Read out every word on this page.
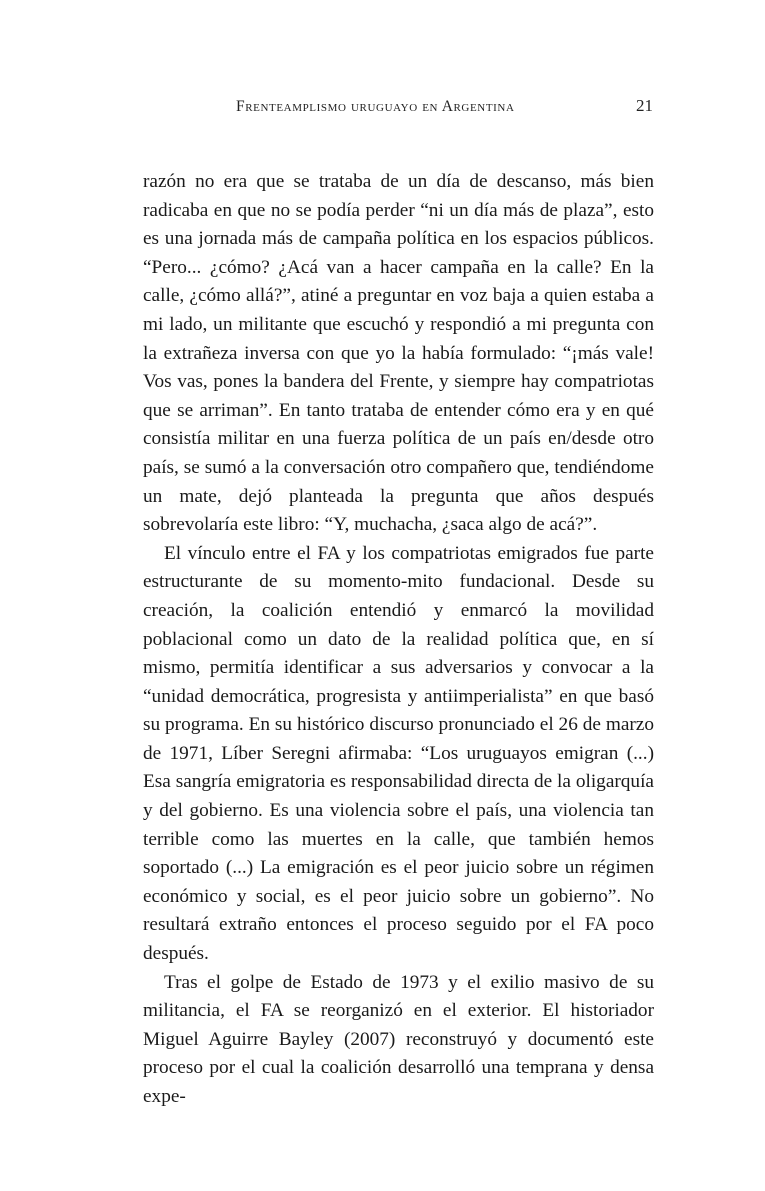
Frenteamplismo uruguayo en Argentina	21

razón no era que se trataba de un día de descanso, más bien radicaba en que no se podía perder “ni un día más de plaza”, esto es una jornada más de campaña política en los espacios públicos. “Pero... ¿cómo? ¿Acá van a hacer campaña en la calle? En la calle, ¿cómo allá?”, atiné a preguntar en voz baja a quien estaba a mi lado, un militante que escuchó y respondió a mi pregunta con la extrañeza inversa con que yo la había formulado: “¡más vale! Vos vas, pones la bandera del Frente, y siempre hay compatriotas que se arriman”. En tanto trataba de entender cómo era y en qué consistía militar en una fuerza política de un país en/desde otro país, se sumó a la conversación otro compañero que, tendiéndome un mate, dejó planteada la pregunta que años después sobrevolaría este libro: “Y, muchacha, ¿saca algo de acá?”.

El vínculo entre el FA y los compatriotas emigrados fue parte estructurante de su momento-mito fundacional. Desde su creación, la coalición entendió y enmarcó la movilidad poblacional como un dato de la realidad política que, en sí mismo, permitía identificar a sus adversarios y convocar a la “unidad democrática, progresista y antiimperialista” en que basó su programa. En su histórico discurso pronunciado el 26 de marzo de 1971, Líber Seregni afirmaba: “Los uruguayos emigran (...) Esa sangría emigratoria es responsabilidad directa de la oligarquía y del gobierno. Es una violencia sobre el país, una violencia tan terrible como las muertes en la calle, que también hemos soportado (...) La emigración es el peor juicio sobre un régimen económico y social, es el peor juicio sobre un gobierno”. No resultará extraño entonces el proceso seguido por el FA poco después.

Tras el golpe de Estado de 1973 y el exilio masivo de su militancia, el FA se reorganizó en el exterior. El historiador Miguel Aguirre Bayley (2007) reconstruyó y documentó este proceso por el cual la coalición desarrolló una temprana y densa expe-
